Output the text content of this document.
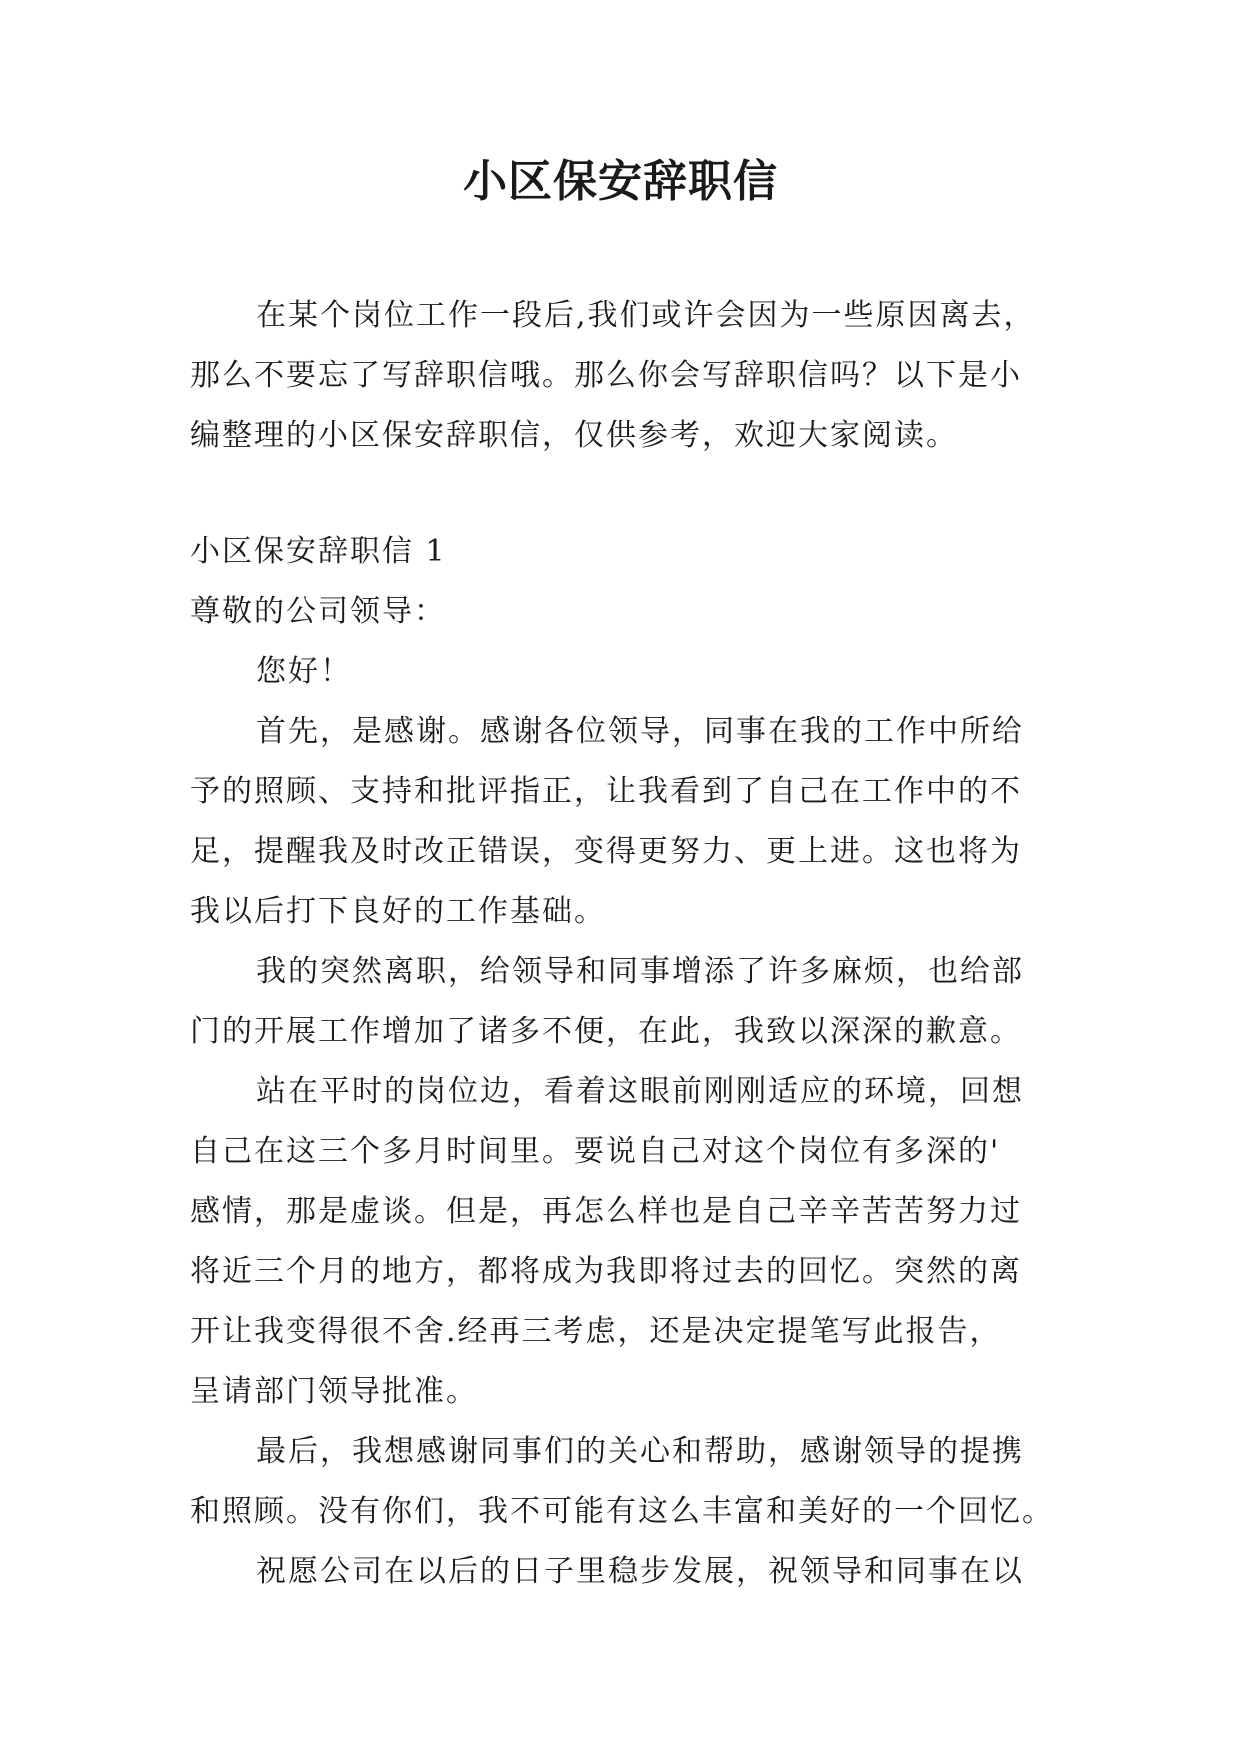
小区保安辞职信
在某个岗位工作一段后,我们或许会因为一些原因离去，
那么不要忘了写辞职信哦。那么你会写辞职信吗？以下是小
编整理的小区保安辞职信，仅供参考，欢迎大家阅读。
小区保安辞职信 1
尊敬的公司领导：
您好！
首先，是感谢。感谢各位领导，同事在我的工作中所给
予的照顾、支持和批评指正，让我看到了自己在工作中的不
足，提醒我及时改正错误，变得更努力、更上进。这也将为
我以后打下良好的工作基础。
我的突然离职，给领导和同事增添了许多麻烦，也给部
门的开展工作增加了诸多不便，在此，我致以深深的歉意。
站在平时的岗位边，看着这眼前刚刚适应的环境，回想
自己在这三个多月时间里。要说自己对这个岗位有多深的'
感情，那是虚谈。但是，再怎么样也是自己辛辛苦苦努力过
将近三个月的地方，都将成为我即将过去的回忆。突然的离
开让我变得很不舍.经再三考虑，还是决定提笔写此报告，
呈请部门领导批准。
最后，我想感谢同事们的关心和帮助，感谢领导的提携
和照顾。没有你们，我不可能有这么丰富和美好的一个回忆。
祝愿公司在以后的日子里稳步发展，祝领导和同事在以
